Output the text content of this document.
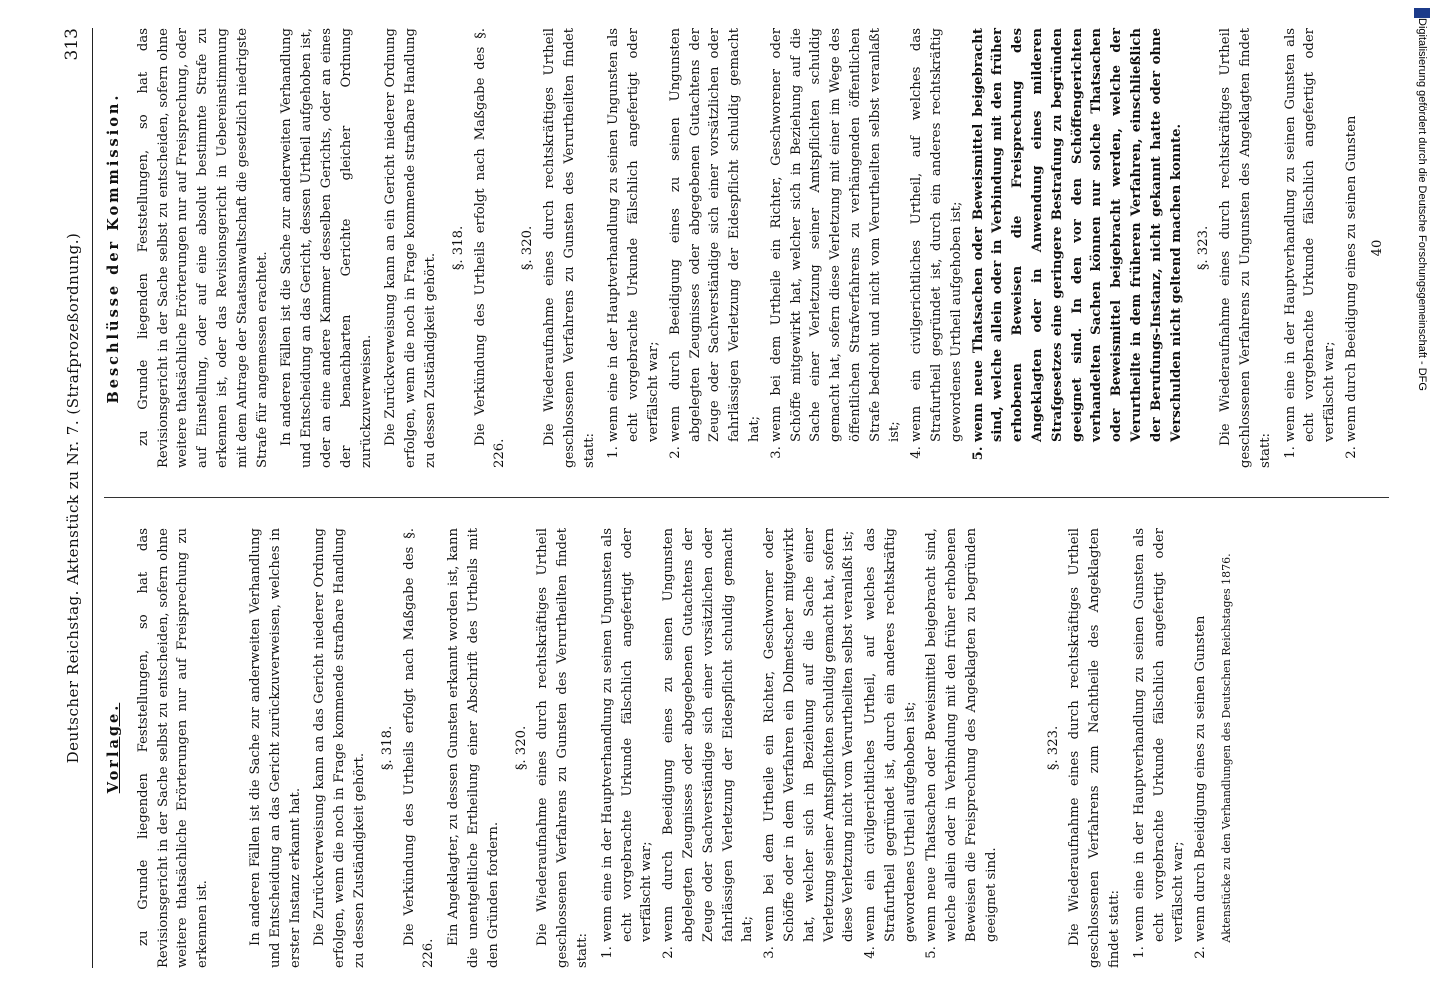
Deutscher Reichstag. Aktenstück zu Nr. 7. (Strafprozeßordnung.)
313
Vorlage. zu Grunde liegenden Feststellungen, so hat das Revisionsgericht in der Sache selbst zu entscheiden, sofern ohne weitere thatsächliche Erörterungen nur auf Freisprechung zu erkennen ist.	In anderen Fällen ist die Sache zur anderweiten Verhandlung und Entscheidung an das Gericht zurückzuverweisen, welches in erster Instanz erkannt hat. Die Zurückverweisung kann an das Gericht niederer Ordnung erfolgen, wenn die noch in Frage kommende strafbare Handlung zu dessen Zuständigkeit gehört.

§. 318. Die Verkündung des Urtheils erfolgt nach Maßgabe des §. 226.

Ein Angeklagter, zu dessen Gunsten erkannt worden ist, kann die unentgeltliche Ertheilung einer Abschrift des Urtheils mit den Gründen fordern.

§. 320. Die Wiederaufnahme eines durch rechtskräftiges Urtheil geschlossenen Verfahrens zu Gunsten des Verurtheilten findet statt:

1. wenn eine in der Hauptverhandlung zu seinen Ungunsten als echt vorgebrachte Urkunde fälschlich angefertigt oder verfälscht war; 2. wenn durch Beeidigung eines zu seinen Ungunsten abgelegten Zeugnisses oder abgegebenen Gutachtens der Zeuge oder Sachverständige sich einer vorsätzlichen oder fahrlässigen Verletzung der Eidespflicht schuldig gemacht hat; 3. wenn bei dem Urtheile ein Richter, Geschworner oder Schöffe oder in dem Verfahren ein Dolmetscher mitgewirkt hat, welcher sich in Beziehung auf die Sache einer Verletzung seiner Amtspflichten schuldig gemacht hat, sofern diese Verletzung nicht vom Verurtheilten selbst veranlaßt ist; 4. wenn ein civilgerichtliches Urtheil, auf welches das Strafurtheil gegründet ist, durch ein anderes rechtskräftig gewordenes Urtheil aufgehoben ist; 5. wenn neue Thatsachen oder Beweismittel beigebracht sind, welche allein oder in Verbindung mit den früher erhobenen Beweisen die Freisprechung des Angeklagten zu begründen geeignet sind.
§. 323. Die Wiederaufnahme eines durch rechtskräftiges Urtheil geschlossenen Verfahrens zum Nachtheile des Angeklagten findet statt: 1. wenn eine in der Hauptverhandlung zu seinen Gunsten als echt vorgebrachte Urkunde fälschlich angefertigt oder verfälscht war; 2. wenn durch Beeidigung eines zu seinen Gunsten Aktenstücke zu den Verhandlungen des Deutschen Reichstages 1876.
Beschlüsse der Kommission. zu Grunde liegenden Feststellungen, so hat das Revisionsgericht in der Sache selbst zu entscheiden, sofern ohne weitere thatsächliche Erörterungen nur auf Freisprechung, oder auf Einstellung, oder auf eine absolut bestimmte Strafe zu erkennen ist, oder das Revisionsgericht in Uebereinstimmung mit dem Antrage der Staatsanwaltschaft die gesetzlich niedrigste Strafe für angemessen erachtet. In anderen Fällen ist die Sache zur anderweiten Verhandlung und Entscheidung an das Gericht, dessen Urtheil aufgehoben ist, oder an eine andere Kammer desselben Gerichts, oder an eines der benachbarten Gerichte gleicher Ordnung zurückzuverweisen. Die Zurückverweisung kann an ein Gericht niederer Ordnung erfolgen, wenn die noch in Frage kommende strafbare Handlung zu dessen Zuständigkeit gehört.

§. 318. Die Verkündung des Urtheils erfolgt nach Maßgabe des §. 226.

§. 320. Die Wiederaufnahme eines durch rechtskräftiges Urtheil geschlossenen Verfahrens zu Gunsten des Verurtheilten findet statt:

1. wenn eine in der Hauptverhandlung zu seinen Ungunsten als echt vorgebrachte Urkunde fälschlich angefertigt oder verfälscht war; 2. wenn durch Beeidigung eines zu seinen Ungunsten abgelegten Zeugnisses oder abgegebenen Gutachtens der Zeuge oder Sachverständige sich einer vorsätzlichen oder fahrlässigen Verletzung der Eidespflicht schuldig gemacht hat; 3. wenn bei dem Urtheile ein Richter, Geschworener oder Schöffe mitgewirkt hat, welcher sich in Beziehung auf die Sache einer Verletzung seiner Amtspflichten schuldig gemacht hat, sofern diese Verletzung mit einer im Wege des öffentlichen Strafverfahrens zu verhängenden öffentlichen Strafe bedroht und nicht vom Verurtheilten selbst veranlaßt ist; 4. wenn ein civilgerichtliches Urtheil, auf welches das Strafurtheil gegründet ist, durch ein anderes rechtskräftig gewordenes Urtheil aufgehoben ist; 5. wenn neue Thatsachen oder Beweismittel beigebracht sind, welche allein oder in Verbindung mit den früher erhobenen Beweisen die Freisprechung des Angeklagten oder in Anwendung eines milderen Strafgesetzes eine geringere Bestrafung zu begründen geeignet sind. In den vor den Schöffengerichten verhandelten Sachen können nur solche Thatsachen oder Beweismittel beigebracht werden, welche der Verurtheilte in dem früheren Verfahren, einschließlich der Berufungs-Instanz, nicht gekannt hatte oder ohne Verschulden nicht geltend machen konnte. §. 323. Die Wiederaufnahme eines durch rechtskräftiges Urtheil geschlossenen Verfahrens zu Ungunsten des Angeklagten findet statt:

1. wenn eine in der Hauptverhandlung zu seinen Gunsten als echt vorgebrachte Urkunde fälschlich angefertigt oder verfälscht war; 2. wenn durch Beeidigung eines zu seinen Gunsten 40	Digitalisierung gefördert durch die Deutsche Forschungsgemeinschaft - DFG
